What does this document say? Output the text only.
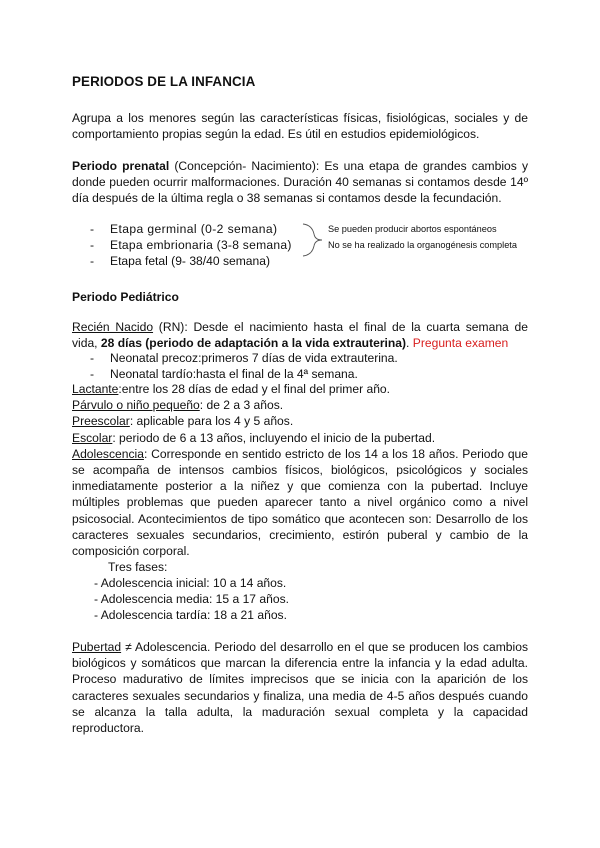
PERIODOS DE LA INFANCIA

Agrupa a los menores según las características físicas, fisiológicas, sociales y de

comportamiento propias según la edad. Es útil en estudios epidemiológicos.

Periodo prenatal (Concepción- Nacimiento): Es una etapa de grandes cambios y

donde pueden ocurrir malformaciones. Duración 40 semanas si contamos desde 14º

día después de la última regla o 38 semanas si contamos desde la fecundación.

- Etapa germinal (0-2 semana)
- Etapa embrionaria (3-8 semana)
- Etapa fetal (9- 38/40 semana)
Se pueden producir abortos espontáneos
No se ha realizado la organogénesis completa
Periodo Pediátrico

Recién Nacido (RN): Desde el nacimiento hasta el final de la cuarta semana de

vida, 28 días (periodo de adaptación a la vida extrauterina). Pregunta examen

- Neonatal precoz:primeros 7 días de vida extrauterina.
- Neonatal tardío:hasta el final de la 4ª semana.

Lactante:entre los 28 días de edad y el final del primer año.

Párvulo o niño pequeño: de 2 a 3 años.

Preescolar: aplicable para los 4 y 5 años.

Escolar: periodo de 6 a 13 años, incluyendo el inicio de la pubertad.

Adolescencia: Corresponde en sentido estricto de los 14 a los 18 años. Periodo que

se acompaña de intensos cambios físicos, biológicos, psicológicos y sociales

inmediatamente posterior a la niñez y que comienza con la pubertad. Incluye

múltiples problemas que pueden aparecer tanto a nivel orgánico como a nivel

psicosocial. Acontecimientos de tipo somático que acontecen son: Desarrollo de los

caracteres sexuales secundarios, crecimiento, estirón puberal y cambio de la

composición corporal.

Tres fases:
- Adolescencia inicial: 10 a 14 años.
- Adolescencia media: 15 a 17 años.
- Adolescencia tardía: 18 a 21 años.

Pubertad ≠ Adolescencia. Periodo del desarrollo en el que se producen los cambios

biológicos y somáticos que marcan la diferencia entre la infancia y la edad adulta.

Proceso madurativo de límites imprecisos que se inicia con la aparición de los

caracteres sexuales secundarios y finaliza, una media de 4-5 años después cuando

se alcanza la talla adulta, la maduración sexual completa y la capacidad

reproductora.
